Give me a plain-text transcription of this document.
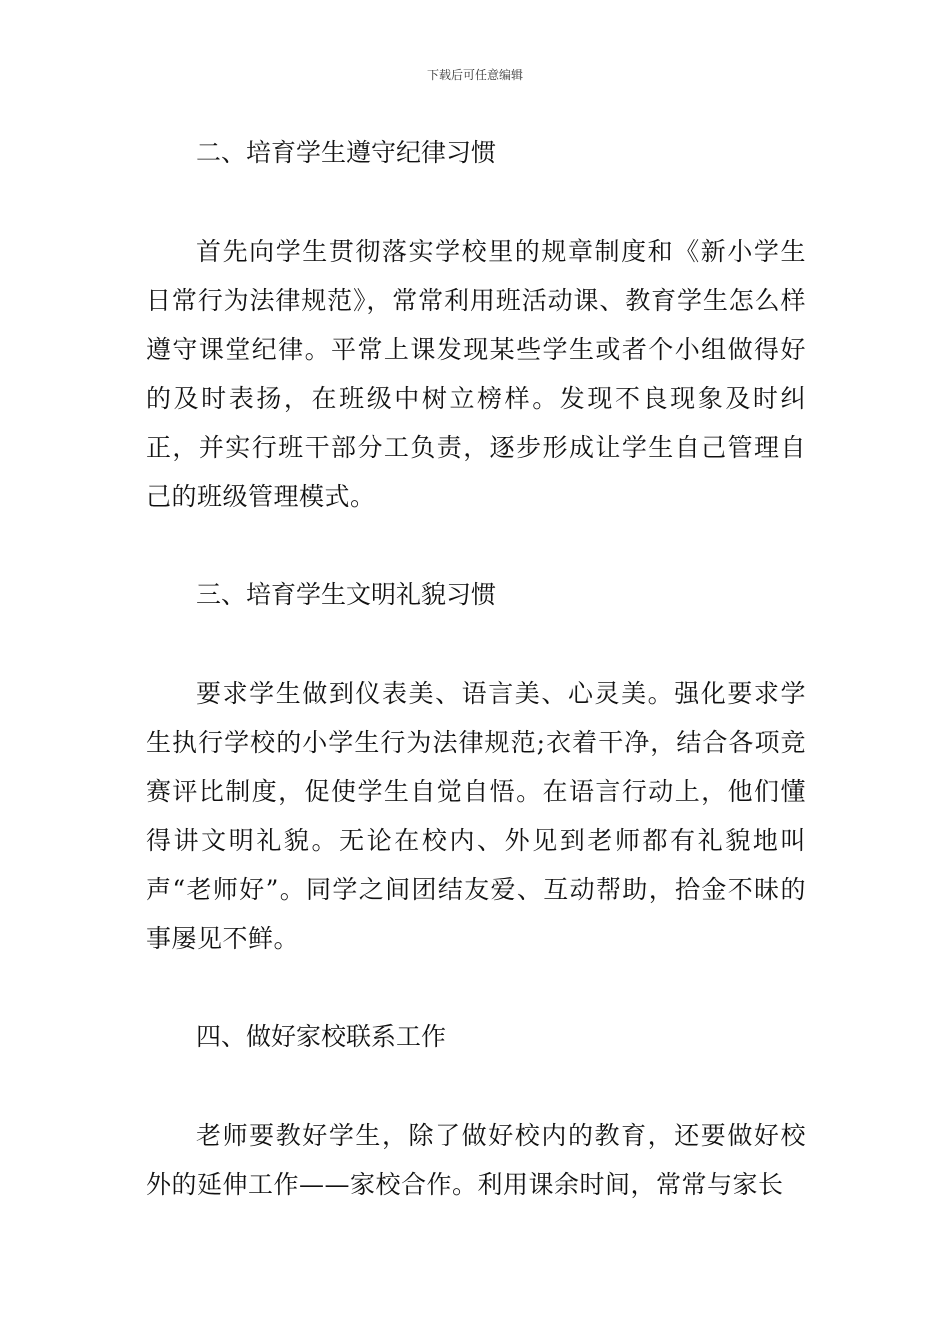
下载后可任意编辑

二、培育学生遵守纪律习惯

首先向学生贯彻落实学校里的规章制度和《新小学生日常行为法律规范》，常常利用班活动课、教育学生怎么样遵守课堂纪律。平常上课发现某些学生或者个小组做得好的及时表扬，在班级中树立榜样。发现不良现象及时纠正，并实行班干部分工负责，逐步形成让学生自己管理自己的班级管理模式。

三、培育学生文明礼貌习惯

要求学生做到仪表美、语言美、心灵美。强化要求学生执行学校的小学生行为法律规范;衣着干净，结合各项竞赛评比制度，促使学生自觉自悟。在语言行动上，他们懂得讲文明礼貌。无论在校内、外见到老师都有礼貌地叫声“老师好”。同学之间团结友爱、互动帮助，拾金不昧的事屡见不鲜。

四、做好家校联系工作

老师要教好学生，除了做好校内的教育，还要做好校外的延伸工作——家校合作。利用课余时间，常常与家长
